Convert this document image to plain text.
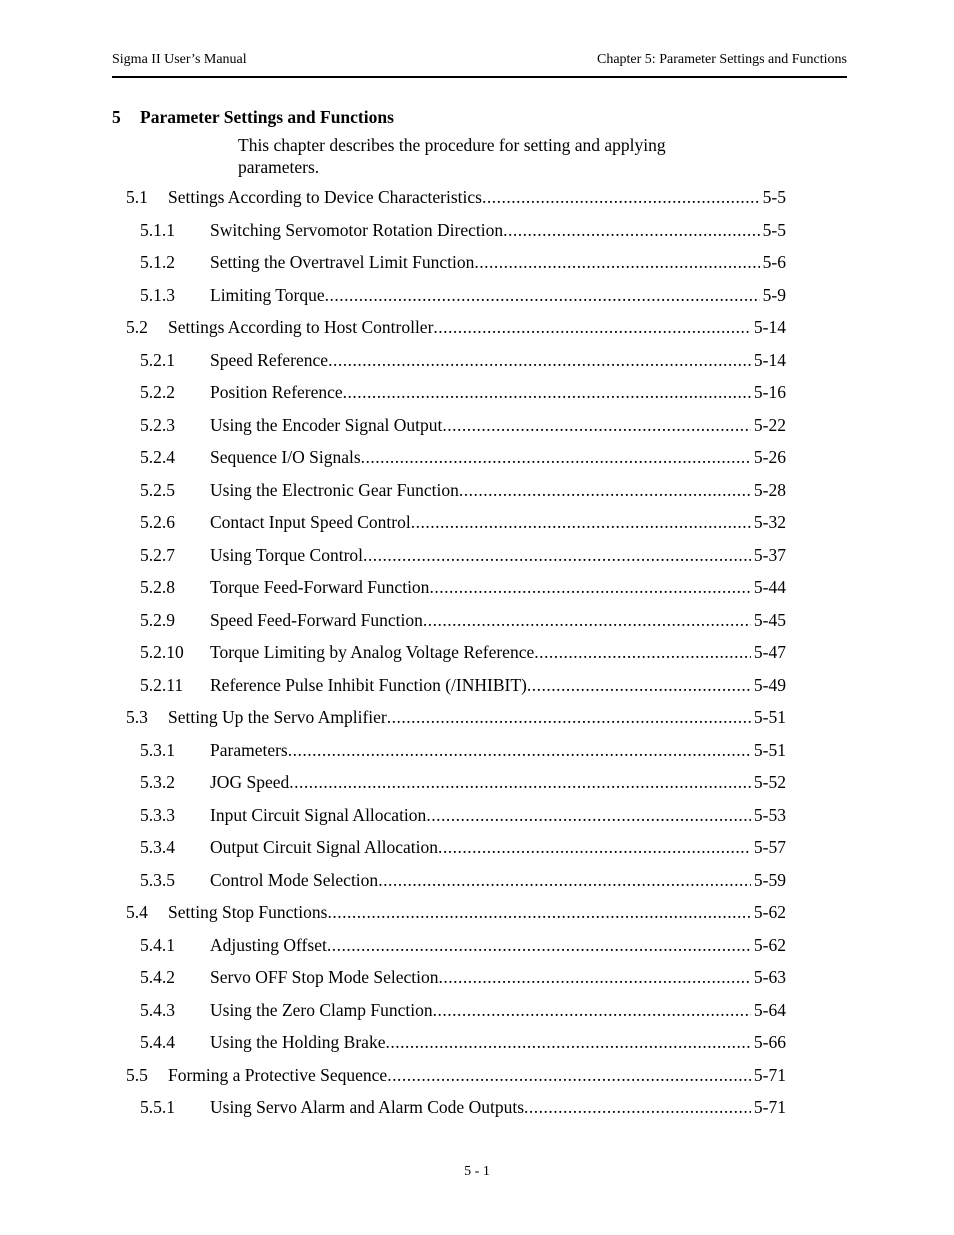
Sigma II User’s Manual	Chapter 5: Parameter Settings and Functions
5 Parameter Settings and Functions
This chapter describes the procedure for setting and applying parameters.
5.1	Settings According to Device Characteristics .....	5-5
5.1.1	Switching Servomotor Rotation Direction .....	5-5
5.1.2	Setting the Overtravel Limit Function .....	5-6
5.1.3	Limiting Torque .....	5-9
5.2	Settings According to Host Controller .....	5-14
5.2.1	Speed Reference .....	5-14
5.2.2	Position Reference .....	5-16
5.2.3	Using the Encoder Signal Output .....	5-22
5.2.4	Sequence I/O Signals .....	5-26
5.2.5	Using the Electronic Gear Function .....	5-28
5.2.6	Contact Input Speed Control .....	5-32
5.2.7	Using Torque Control .....	5-37
5.2.8	Torque Feed-Forward Function .....	5-44
5.2.9	Speed Feed-Forward Function .....	5-45
5.2.10	Torque Limiting by Analog Voltage Reference .....	5-47
5.2.11	Reference Pulse Inhibit Function (/INHIBIT) .....	5-49
5.3	Setting Up the Servo Amplifier .....	5-51
5.3.1	Parameters .....	5-51
5.3.2	JOG Speed .....	5-52
5.3.3	Input Circuit Signal Allocation .....	5-53
5.3.4	Output Circuit Signal Allocation .....	5-57
5.3.5	Control Mode Selection .....	5-59
5.4	Setting Stop Functions .....	5-62
5.4.1	Adjusting Offset .....	5-62
5.4.2	Servo OFF Stop Mode Selection .....	5-63
5.4.3	Using the Zero Clamp Function .....	5-64
5.4.4	Using the Holding Brake .....	5-66
5.5	Forming a Protective Sequence .....	5-71
5.5.1	Using Servo Alarm and Alarm Code Outputs .....	5-71
5 - 1
